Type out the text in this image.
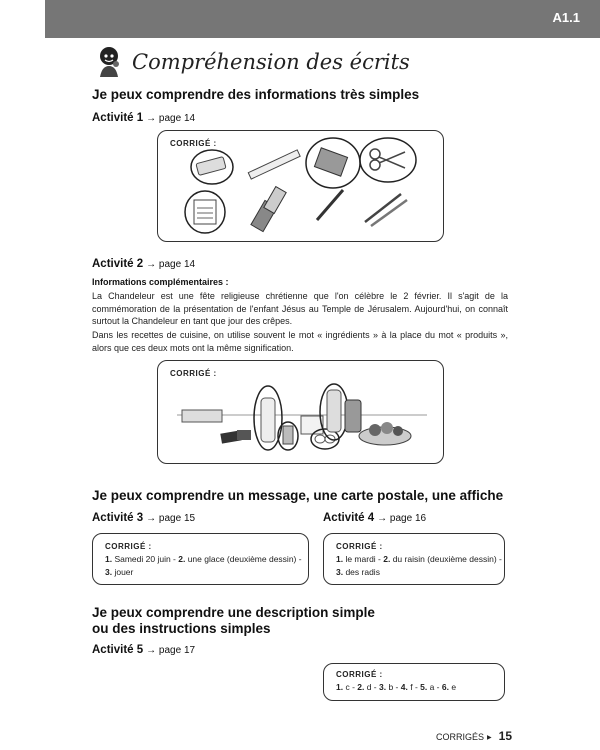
A1.1
Compréhension des écrits
Je peux comprendre des informations très simples
Activité 1 → page 14
CORRIGÉ :
Activité 2 → page 14
Informations complémentaires :
La Chandeleur est une fête religieuse chrétienne que l'on célèbre le 2 février. Il s'agit de la commémoration de la présentation de l'enfant Jésus au Temple de Jérusalem. Aujourd'hui, on connaît surtout la Chandeleur en tant que jour des crêpes.
Dans les recettes de cuisine, on utilise souvent le mot « ingrédients » à la place du mot « produits », alors que ces deux mots ont la même signification.
CORRIGÉ :
Je peux comprendre un message, une carte postale, une affiche
Activité 3 → page 15	Activité 4 → page 16
CORRIGÉ :
1. Samedi 20 juin - 2. une glace (deuxième dessin) -
3. jouer
CORRIGÉ :
1. le mardi - 2. du raisin (deuxième dessin) -
3. des radis
Je peux comprendre une description simple
ou des instructions simples
Activité 5 → page 17
CORRIGÉ :
1. c - 2. d - 3. b - 4. f - 5. a - 6. e
CORRIGÉS ▶ 15
